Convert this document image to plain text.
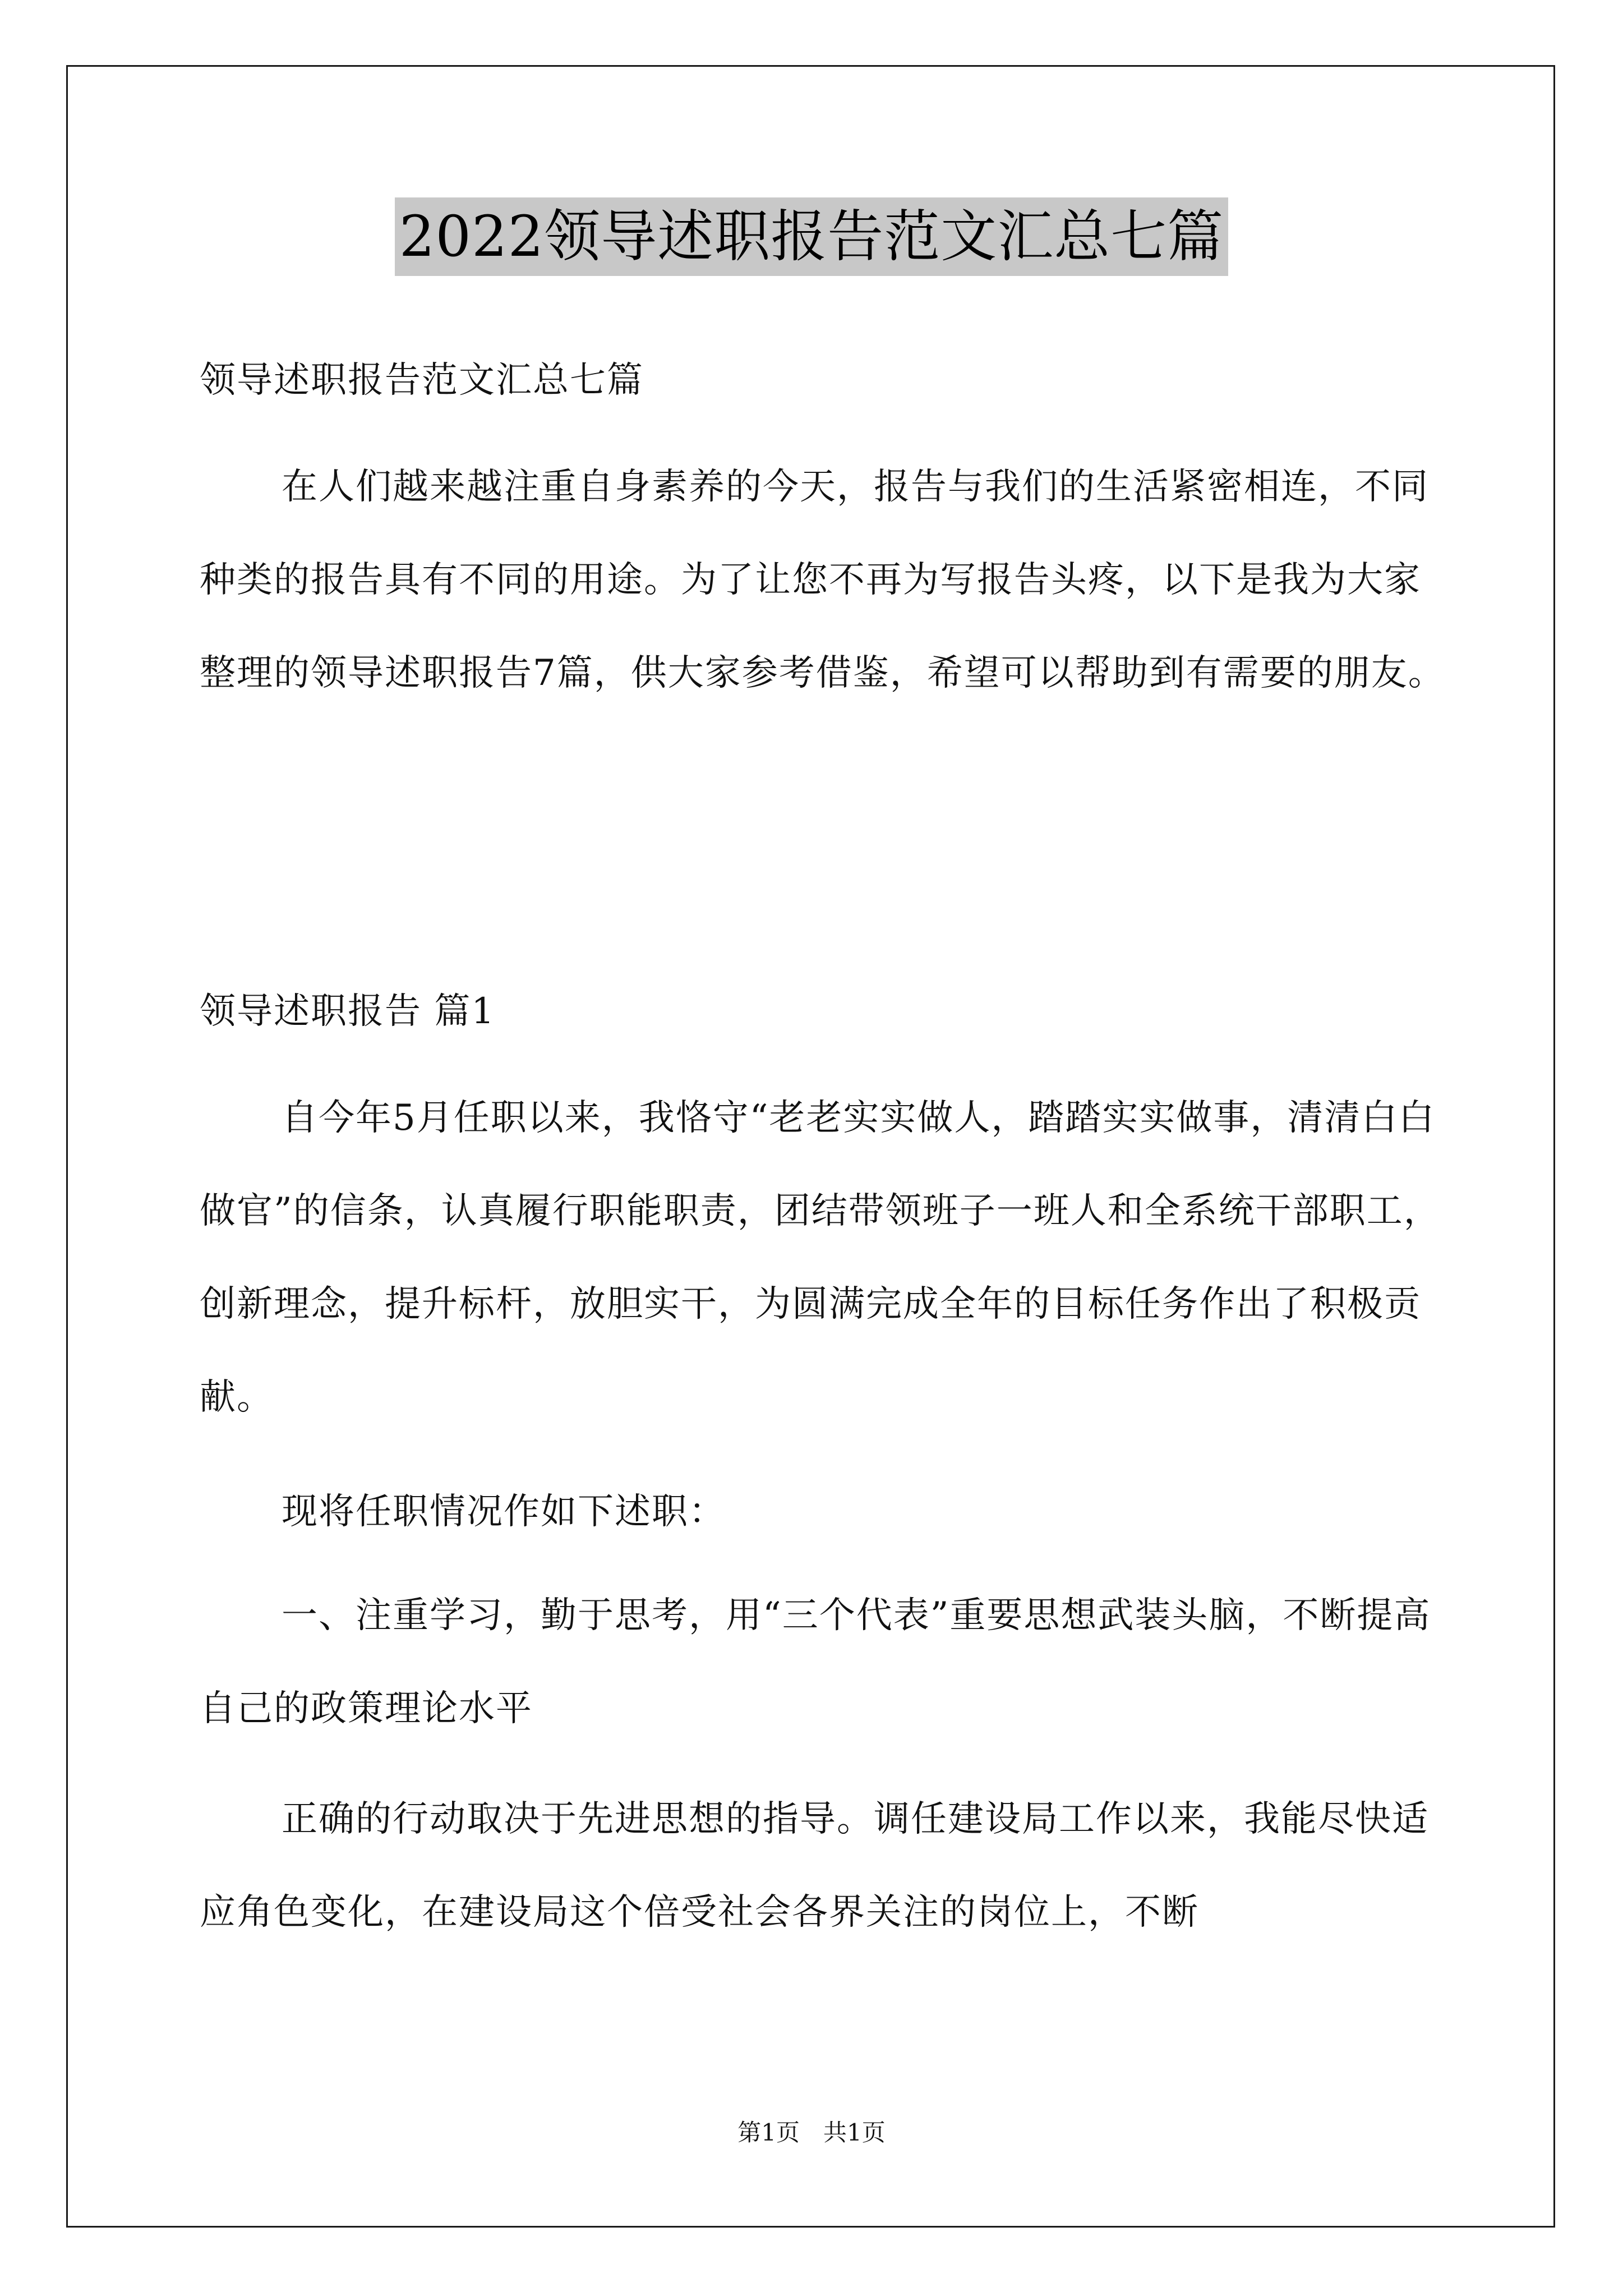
2022领导述职报告范文汇总七篇

领导述职报告范文汇总七篇

在人们越来越注重自身素养的今天，报告与我们的生活紧密相连，不同种类的报告具有不同的用途。为了让您不再为写报告头疼，以下是我为大家整理的领导述职报告7篇，供大家参考借鉴，希望可以帮助到有需要的朋友。

领导述职报告 篇1

自今年5月任职以来，我恪守“老老实实做人，踏踏实实做事，清清白白做官”的信条，认真履行职能职责，团结带领班子一班人和全系统干部职工，创新理念，提升标杆，放胆实干，为圆满完成全年的目标任务作出了积极贡献。

现将任职情况作如下述职：

一、注重学习，勤于思考，用“三个代表”重要思想武装头脑，不断提高自己的政策理论水平

正确的行动取决于先进思想的指导。调任建设局工作以来，我能尽快适应角色变化，在建设局这个倍受社会各界关注的岗位上，不断

第1页　共1页
